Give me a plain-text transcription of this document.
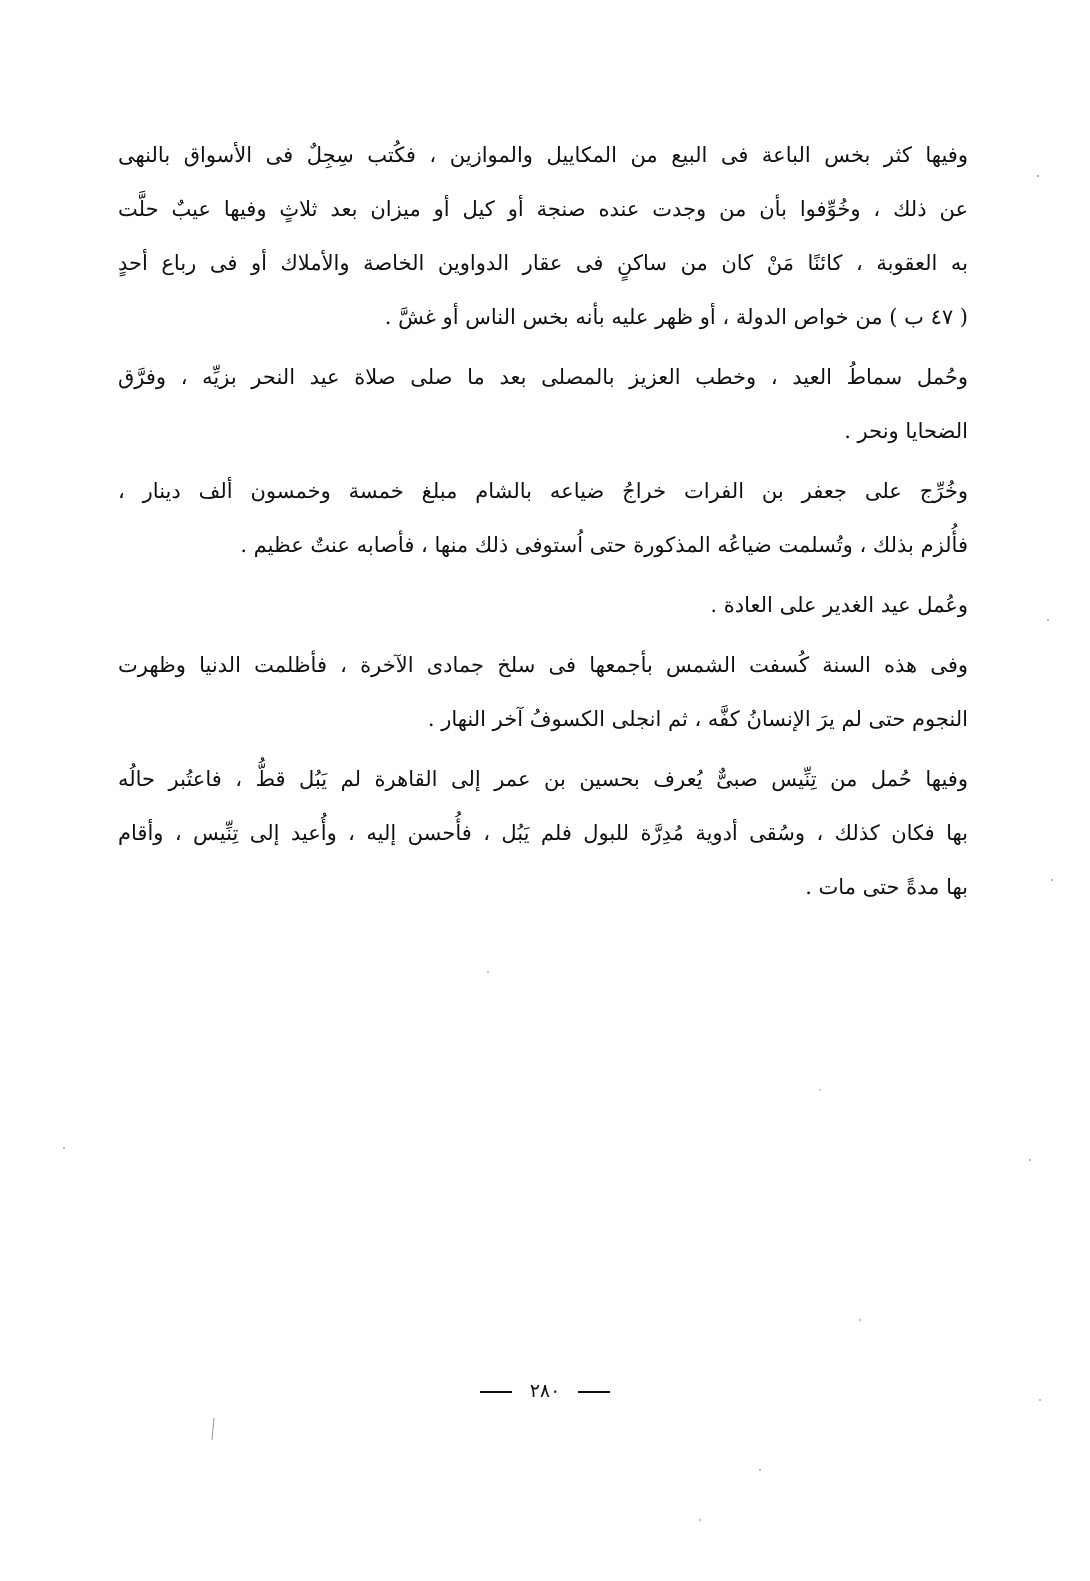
وفيها كثر بخس الباعة فى البيع من المكاييل والموازين ، فكُتب سِجِلٌ فى الأسواق بالنهى
عن ذلك ، وخُوِّفوا بأن من وجدت عنده صنجة أو كيل أو ميزان بعد ثلاثٍ وفيها عيبٌ حلَّت
به العقوبة ، كائنًا مَنْ كان من ساكنٍ فى عقار الدواوين الخاصة والأملاك أو فى رباع أحدٍ
( ٤٧ ب ) من خواص الدولة ، أو ظهر عليه بأنه بخس الناس أو غشَّ .
وحُمل سماطُ العيد ، وخطب العزيز بالمصلى بعد ما صلى صلاة عيد النحر بزيِّه ، وفرَّق
الضحايا ونحر .
وخُرِّج على جعفر بن الفرات خراجُ ضياعه بالشام مبلغ خمسة وخمسون ألف دينار ،
فأُلزم بذلك ، وتُسلمت ضياعُه المذكورة حتى اُستوفى ذلك منها ، فأصابه عنتٌ عظيم .
وعُمل عيد الغدير على العادة .
وفى هذه السنة كُسفت الشمس بأجمعها فى سلخ جمادى الآخرة ، فأظلمت الدنيا وظهرت
النجوم حتى لم يرَ الإنسانُ كفَّه ، ثم انجلى الكسوفُ آخر النهار .
وفيها حُمل من تِنِّيس صبىٌّ يُعرف بحسين بن عمر إلى القاهرة لم يَبُل قطُّ ، فاعتُبر حالُه
بها فكان كذلك ، وسُقى أدوية مُدِرَّة للبول فلم يَبُل ، فأُحسن إليه ، وأُعيد إلى تِنِّيس ، وأقام
بها مدةً حتى مات .
٢٨٠
